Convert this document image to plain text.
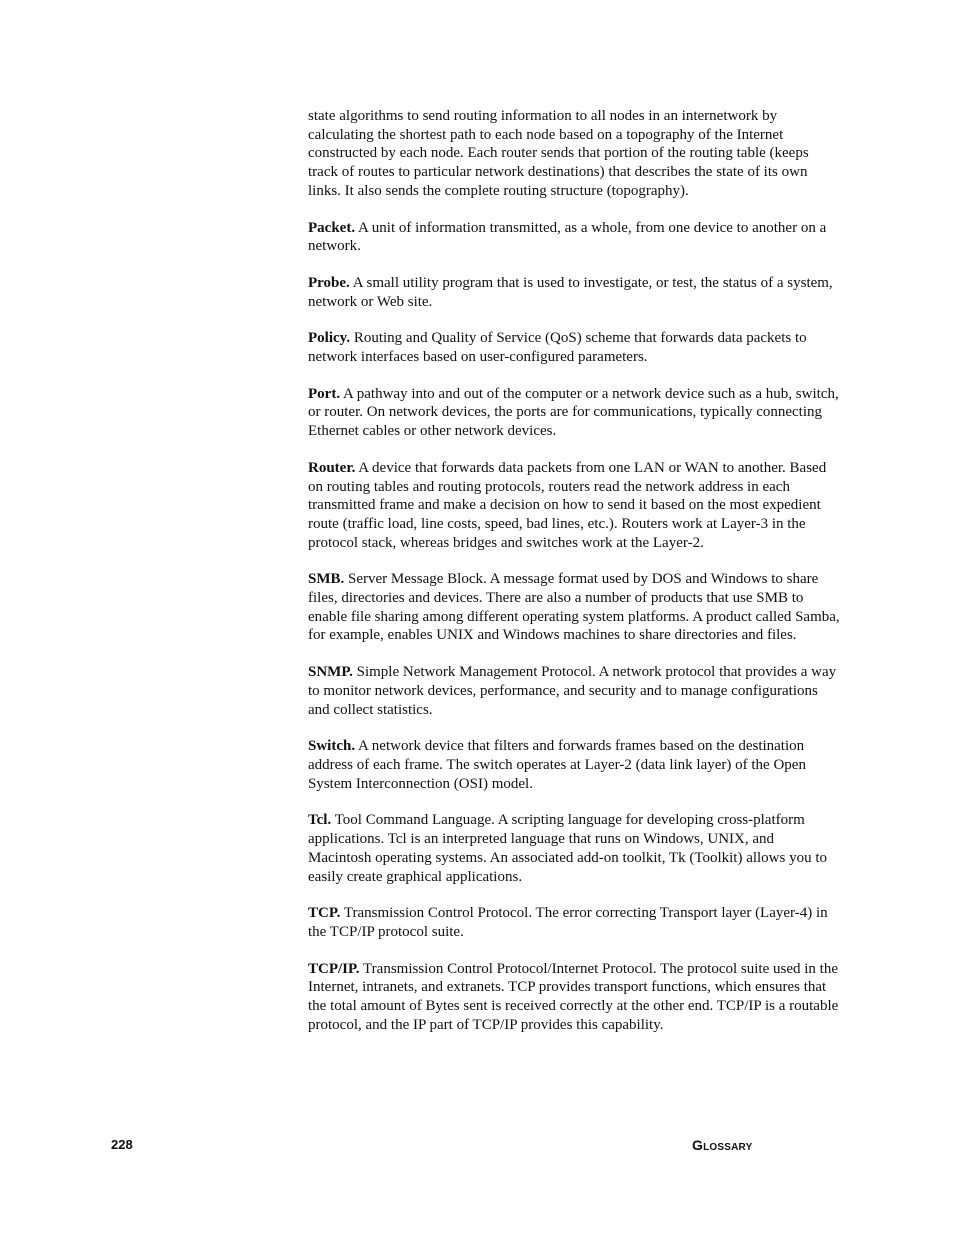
state algorithms to send routing information to all nodes in an internetwork by calculating the shortest path to each node based on a topography of the Internet constructed by each node. Each router sends that portion of the routing table (keeps track of routes to particular network destinations) that describes the state of its own links. It also sends the complete routing structure (topography).

Packet. A unit of information transmitted, as a whole, from one device to another on a network.

Probe. A small utility program that is used to investigate, or test, the status of a system, network or Web site.

Policy. Routing and Quality of Service (QoS) scheme that forwards data packets to network interfaces based on user-configured parameters.

Port. A pathway into and out of the computer or a network device such as a hub, switch, or router. On network devices, the ports are for communications, typically connecting Ethernet cables or other network devices.

Router. A device that forwards data packets from one LAN or WAN to another. Based on routing tables and routing protocols, routers read the network address in each transmitted frame and make a decision on how to send it based on the most expedient route (traffic load, line costs, speed, bad lines, etc.). Routers work at Layer-3 in the protocol stack, whereas bridges and switches work at the Layer-2.

SMB. Server Message Block. A message format used by DOS and Windows to share files, directories and devices. There are also a number of products that use SMB to enable file sharing among different operating system platforms. A product called Samba, for example, enables UNIX and Windows machines to share directories and files.

SNMP. Simple Network Management Protocol. A network protocol that provides a way to monitor network devices, performance, and security and to manage configurations and collect statistics.

Switch. A network device that filters and forwards frames based on the destination address of each frame. The switch operates at Layer-2 (data link layer) of the Open System Interconnection (OSI) model.

Tcl. Tool Command Language. A scripting language for developing cross-platform applications. Tcl is an interpreted language that runs on Windows, UNIX, and Macintosh operating systems. An associated add-on toolkit, Tk (Toolkit) allows you to easily create graphical applications.

TCP. Transmission Control Protocol. The error correcting Transport layer (Layer-4) in the TCP/IP protocol suite.

TCP/IP. Transmission Control Protocol/Internet Protocol. The protocol suite used in the Internet, intranets, and extranets. TCP provides transport functions, which ensures that the total amount of Bytes sent is received correctly at the other end. TCP/IP is a routable protocol, and the IP part of TCP/IP provides this capability.

228	Glossary
